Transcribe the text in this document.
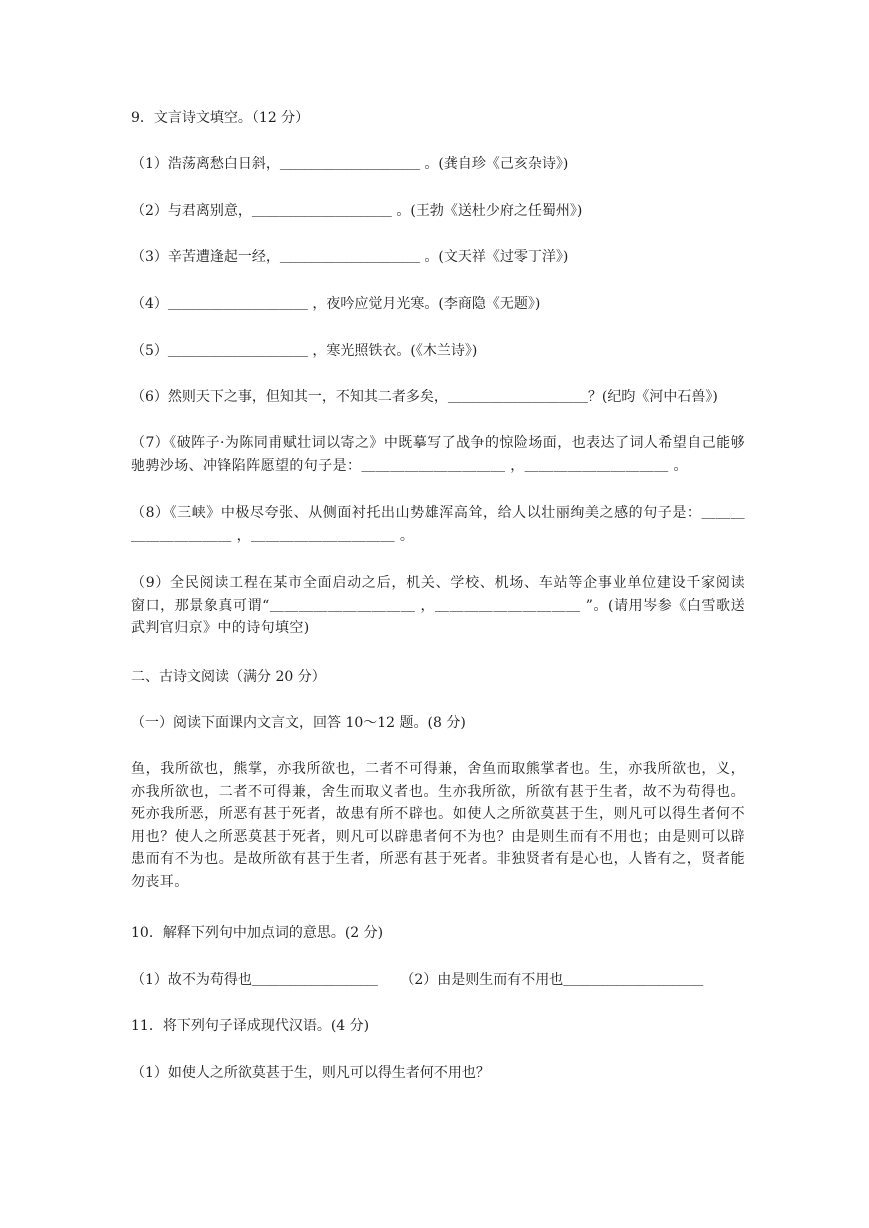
9．文言诗文填空。（12 分）
（1）浩荡离愁白日斜，＿＿＿＿＿＿＿＿＿＿ 。(龚自珍《己亥杂诗》)
（2）与君离别意，＿＿＿＿＿＿＿＿＿＿ 。(王勃《送杜少府之任蜀州》)
（3）辛苦遭逢起一经，＿＿＿＿＿＿＿＿＿＿ 。(文天祥《过零丁洋》)
（4）＿＿＿＿＿＿＿＿＿＿ ，夜吟应觉月光寒。(李商隐《无题》)
（5）＿＿＿＿＿＿＿＿＿＿ ，寒光照铁衣。(《木兰诗》)
（6）然则天下之事，但知其一，不知其二者多矣，＿＿＿＿＿＿＿＿＿＿？(纪昀《河中石兽》)
（7）《破阵子·为陈同甫赋壮词以寄之》中既摹写了战争的惊险场面，也表达了词人希望自己能够驰骋沙场、冲锋陷阵愿望的句子是：＿＿＿＿＿＿＿＿＿＿ ，＿＿＿＿＿＿＿＿＿＿ 。
（8）《三峡》中极尽夸张、从侧面衬托出山势雄浑高耸，给人以壮丽绚美之感的句子是：＿＿＿＿＿＿＿＿＿＿ ，＿＿＿＿＿＿＿＿＿＿ 。
（9）全民阅读工程在某市全面启动之后，机关、学校、机场、车站等企事业单位建设千家阅读窗口，那景象真可谓“＿＿＿＿＿＿＿＿＿＿ ，＿＿＿＿＿＿＿＿＿＿ ”。(请用岑参《白雪歌送武判官归京》中的诗句填空)
二、古诗文阅读（满分 20 分）
（一）阅读下面课内文言文，回答 10～12 题。(8 分)
鱼，我所欲也，熊掌，亦我所欲也，二者不可得兼，舍鱼而取熊掌者也。生，亦我所欲也，义，亦我所欲也，二者不可得兼，舍生而取义者也。生亦我所欲，所欲有甚于生者，故不为苟得也。死亦我所恶，所恶有甚于死者，故患有所不辟也。如使人之所欲莫甚于生，则凡可以得生者何不用也？使人之所恶莫甚于死者，则凡可以辟患者何不为也？由是则生而有不用也；由是则可以辟患而有不为也。是故所欲有甚于生者，所恶有甚于死者。非独贤者有是心也，人皆有之，贤者能勿丧耳。
10．解释下列句中加点词的意思。(2 分)
（1）故不为苟得也＿＿＿＿＿＿＿＿＿ （2）由是则生而有不用也＿＿＿＿＿＿＿＿＿＿
11．将下列句子译成现代汉语。(4 分)
（1）如使人之所欲莫甚于生，则凡可以得生者何不用也？
